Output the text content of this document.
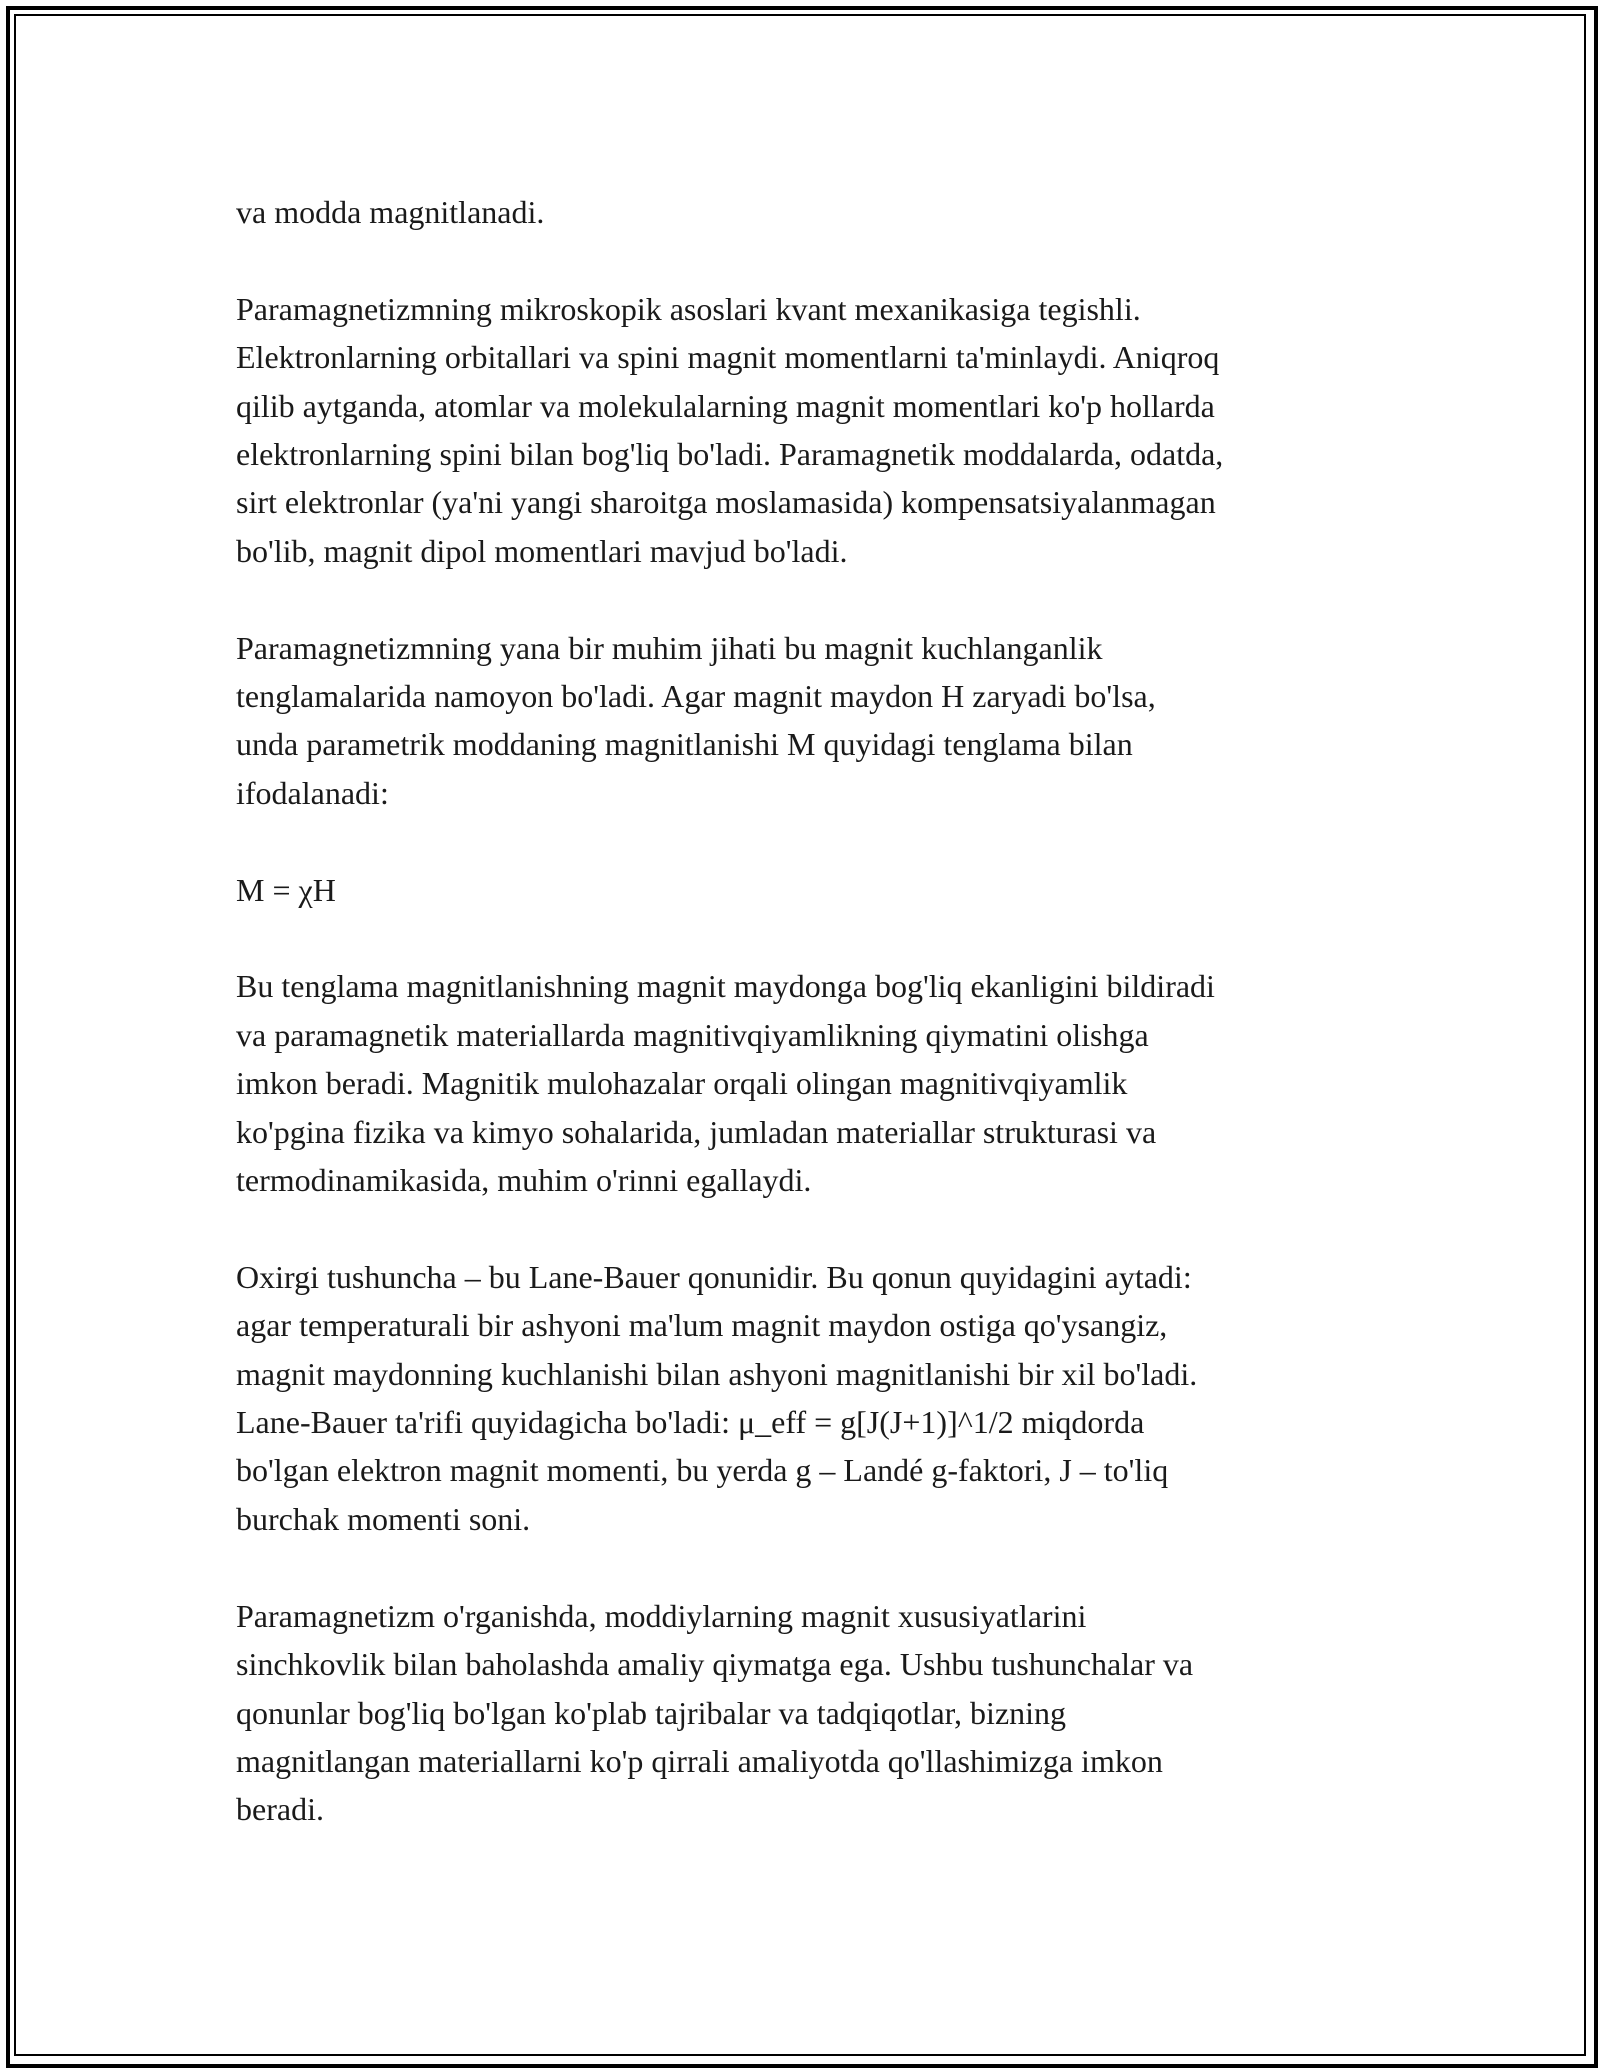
va modda magnitlanadi.

Paramagnetizmning mikroskopik asoslari kvant mexanikasiga tegishli.
Elektronlarning orbitallari va spini magnit momentlarni ta'minlaydi. Aniqroq
qilib aytganda, atomlar va molekulalarning magnit momentlari ko'p hollarda
elektronlarning spini bilan bog'liq bo'ladi. Paramagnetik moddalarda, odatda,
sirt elektronlar (ya'ni yangi sharoitga moslamasida) kompensatsiyalanmagan
bo'lib, magnit dipol momentlari mavjud bo'ladi.

Paramagnetizmning yana bir muhim jihati bu magnit kuchlanganlik
tenglamalarida namoyon bo'ladi. Agar magnit maydon H zaryadi bo'lsa,
unda parametrik moddaning magnitlanishi M quyidagi tenglama bilan
ifodalanadi:

M = χH

Bu tenglama magnitlanishning magnit maydonga bog'liq ekanligini bildiradi
va paramagnetik materiallarda magnitivqiyamlikning qiymatini olishga
imkon beradi. Magnitik mulohazalar orqali olingan magnitivqiyamlik
ko'pgina fizika va kimyo sohalarida, jumladan materiallar strukturasi va
termodinamikasida, muhim o'rinni egallaydi.

Oxirgi tushuncha – bu Lane-Bauer qonunidir. Bu qonun quyidagini aytadi:
agar temperaturali bir ashyoni ma'lum magnit maydon ostiga qo'ysangiz,
magnit maydonning kuchlanishi bilan ashyoni magnitlanishi bir xil bo'ladi.
Lane-Bauer ta'rifi quyidagicha bo'ladi: μ_eff = g[J(J+1)]^1/2 miqdorda
bo'lgan elektron magnit momenti, bu yerda g – Landé g-faktori, J – to'liq
burchak momenti soni.

Paramagnetizm o'rganishda, moddiylarning magnit xususiyatlarini
sinchkovlik bilan baholashda amaliy qiymatga ega. Ushbu tushunchalar va
qonunlar bog'liq bo'lgan ko'plab tajribalar va tadqiqotlar, bizning
magnitlangan materiallarni ko'p qirrali amaliyotda qo'llashimizga imkon
beradi.
